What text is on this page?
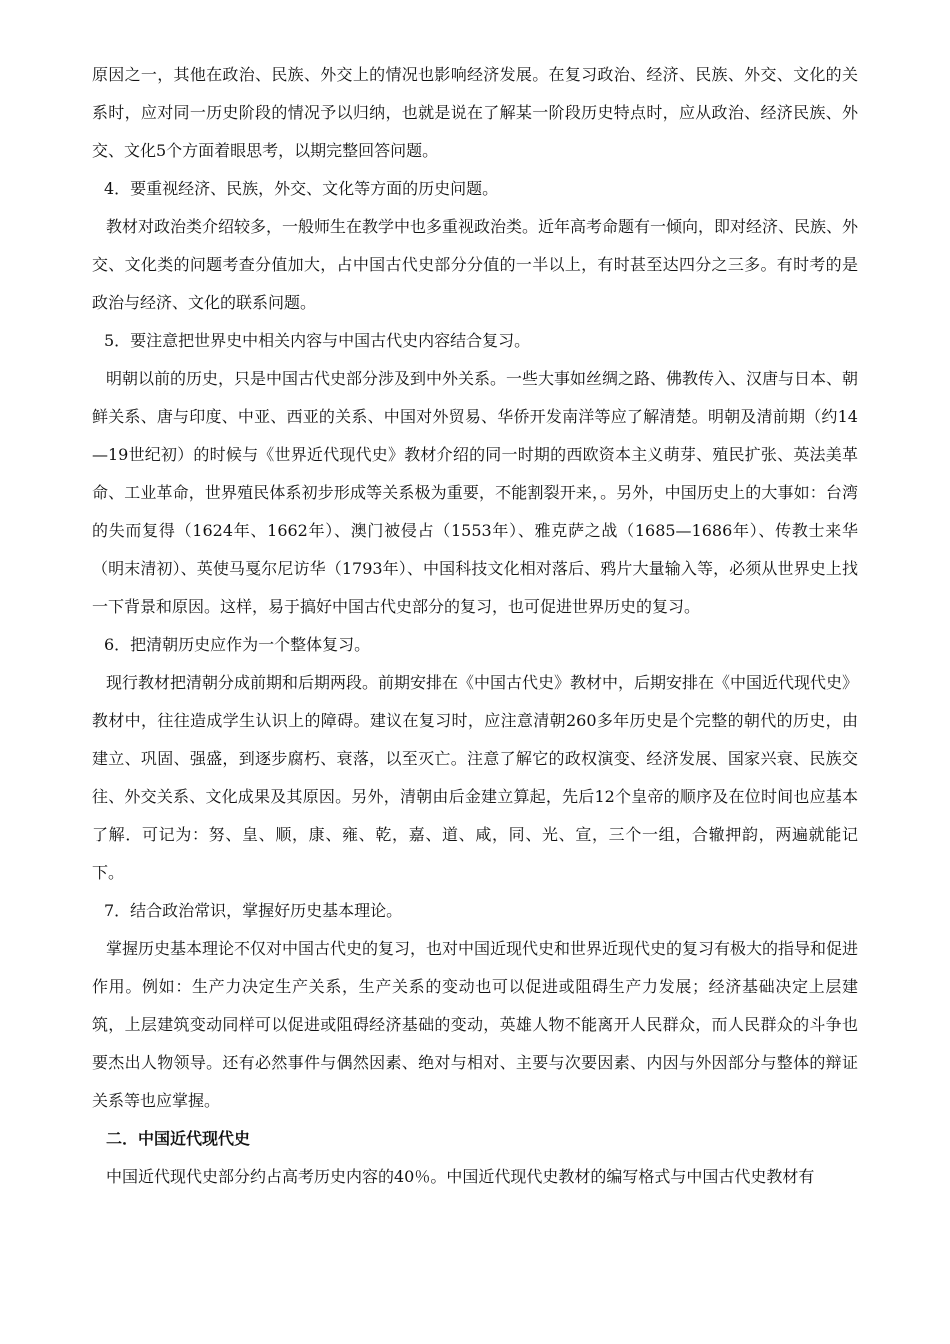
原因之一，其他在政治、民族、外交上的情况也影响经济发展。在复习政治、经济、民族、外交、文化的关系时，应对同一历史阶段的情况予以归纳，也就是说在了解某一阶段历史特点时，应从政治、经济民族、外交、文化5个方面着眼思考，以期完整回答问题。

4．要重视经济、民族，外交、文化等方面的历史问题。

教材对政治类介绍较多，一般师生在教学中也多重视政治类。近年高考命题有一倾向，即对经济、民族、外交、文化类的问题考查分值加大，占中国古代史部分分值的一半以上，有时甚至达四分之三多。有时考的是政治与经济、文化的联系问题。

5．要注意把世界史中相关内容与中国古代史内容结合复习。

明朝以前的历史，只是中国古代史部分涉及到中外关系。一些大事如丝绸之路、佛教传入、汉唐与日本、朝鲜关系、唐与印度、中亚、西亚的关系、中国对外贸易、华侨开发南洋等应了解清楚。明朝及清前期（约14—19世纪初）的时候与《世界近代现代史》教材介绍的同一时期的西欧资本主义萌芽、殖民扩张、英法美革命、工业革命，世界殖民体系初步形成等关系极为重要，不能割裂开来，。另外，中国历史上的大事如：台湾的失而复得（1624年、1662年）、澳门被侵占（1553年）、雅克萨之战（1685—1686年）、传教士来华（明末清初）、英使马戛尔尼访华（1793年）、中国科技文化相对落后、鸦片大量输入等，必须从世界史上找一下背景和原因。这样，易于搞好中国古代史部分的复习，也可促进世界历史的复习。

6．把清朝历史应作为一个整体复习。

现行教材把清朝分成前期和后期两段。前期安排在《中国古代史》教材中，后期安排在《中国近代现代史》教材中，往往造成学生认识上的障碍。建议在复习时，应注意清朝260多年历史是个完整的朝代的历史，由建立、巩固、强盛，到逐步腐朽、衰落，以至灭亡。注意了解它的政权演变、经济发展、国家兴衰、民族交往、外交关系、文化成果及其原因。另外，清朝由后金建立算起，先后12个皇帝的顺序及在位时间也应基本了解．可记为：努、皇、顺，康、雍、乾，嘉、道、咸，同、光、宣，三个一组，合辙押韵，两遍就能记下。

7．结合政治常识，掌握好历史基本理论。

掌握历史基本理论不仅对中国古代史的复习，也对中国近现代史和世界近现代史的复习有极大的指导和促进作用。例如：生产力决定生产关系，生产关系的变动也可以促进或阻碍生产力发展；经济基础决定上层建筑，上层建筑变动同样可以促进或阻碍经济基础的变动，英雄人物不能离开人民群众，而人民群众的斗争也要杰出人物领导。还有必然事件与偶然因素、绝对与相对、主要与次要因素、内因与外因部分与整体的辩证关系等也应掌握。

二．中国近代现代史

中国近代现代史部分约占高考历史内容的40％。中国近代现代史教材的编写格式与中国古代史教材有
